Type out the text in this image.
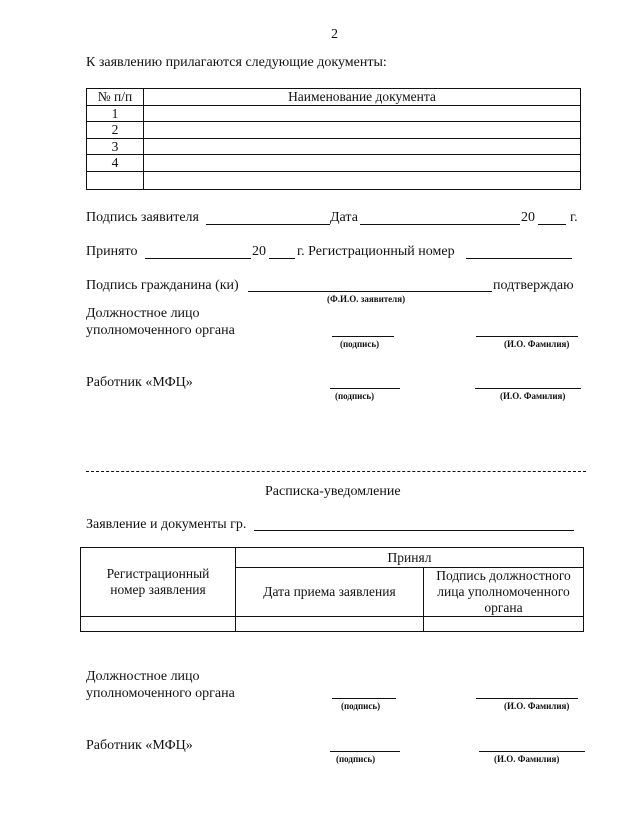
2
К заявлению прилагаются следующие документы:
№ п/п	Наименование документа
1	
2	
3	
4	

Подпись заявителя	Дата	20	г.
Принято	20 г. Регистрационный номер
Подпись гражданина (ки)	подтверждаю
(Ф.И.О. заявителя)
Должностное лицо
уполномоченного органа
(подпись)	(И.О. Фамилия)
Работник «МФЦ»
(подпись)	(И.О. Фамилия)
Расписка-уведомление
Заявление и документы гр.
Регистрационный
номер заявления	Принял	
	Дата приема заявления	Подпись должностного
лица уполномоченного
органа

Должностное лицо
уполномоченного органа
(подпись)	(И.О. Фамилия)
Работник «МФЦ»
(подпись)	(И.О. Фамилия)
